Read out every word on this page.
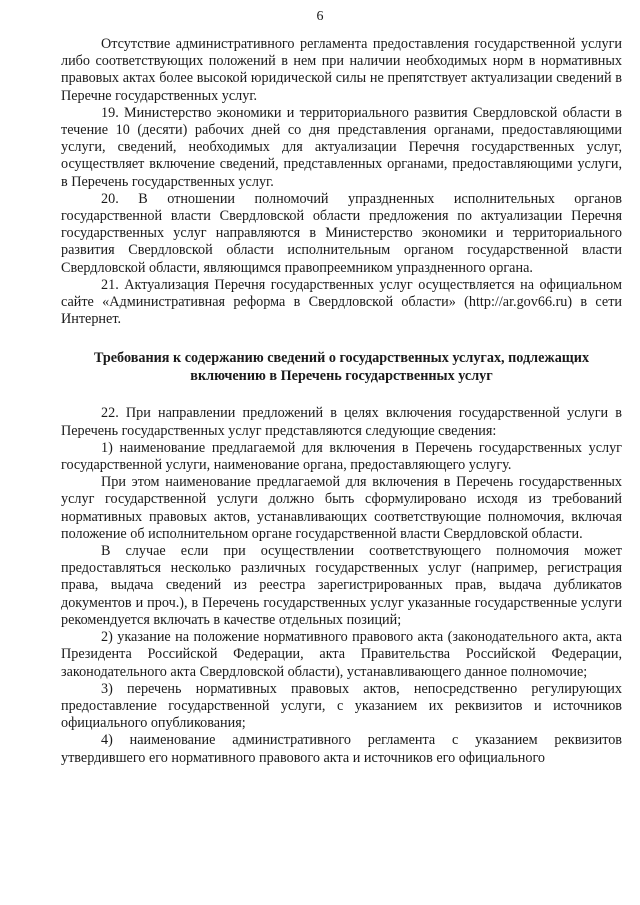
6

Отсутствие административного регламента предоставления государственной услуги либо соответствующих положений в нем при наличии необходимых норм в нормативных правовых актах более высокой юридической силы не препятствует актуализации сведений в Перечне государственных услуг.

19. Министерство экономики и территориального развития Свердловской области в течение 10 (десяти) рабочих дней со дня представления органами, предоставляющими услуги, сведений, необходимых для актуализации Перечня государственных услуг, осуществляет включение сведений, представленных органами, предоставляющими услуги, в Перечень государственных услуг.

20. В отношении полномочий упраздненных исполнительных органов государственной власти Свердловской области предложения по актуализации Перечня государственных услуг направляются в Министерство экономики и территориального развития Свердловской области исполнительным органом государственной власти Свердловской области, являющимся правопреемником упраздненного органа.

21. Актуализация Перечня государственных услуг осуществляется на официальном сайте «Административная реформа в Свердловской области» (http://ar.gov66.ru) в сети Интернет.

Требования к содержанию сведений о государственных услугах, подлежащих включению в Перечень государственных услуг

22. При направлении предложений в целях включения государственной услуги в Перечень государственных услуг представляются следующие сведения:

1) наименование предлагаемой для включения в Перечень государственных услуг государственной услуги, наименование органа, предоставляющего услугу.

При этом наименование предлагаемой для включения в Перечень государственных услуг государственной услуги должно быть сформулировано исходя из требований нормативных правовых актов, устанавливающих соответствующие полномочия, включая положение об исполнительном органе государственной власти Свердловской области.

В случае если при осуществлении соответствующего полномочия может предоставляться несколько различных государственных услуг (например, регистрация права, выдача сведений из реестра зарегистрированных прав, выдача дубликатов документов и проч.), в Перечень государственных услуг указанные государственные услуги рекомендуется включать в качестве отдельных позиций;

2) указание на положение нормативного правового акта (законодательного акта, акта Президента Российской Федерации, акта Правительства Российской Федерации, законодательного акта Свердловской области), устанавливающего данное полномочие;

3) перечень нормативных правовых актов, непосредственно регулирующих предоставление государственной услуги, с указанием их реквизитов и источников официального опубликования;

4) наименование административного регламента с указанием реквизитов утвердившего его нормативного правового акта и источников его официального
